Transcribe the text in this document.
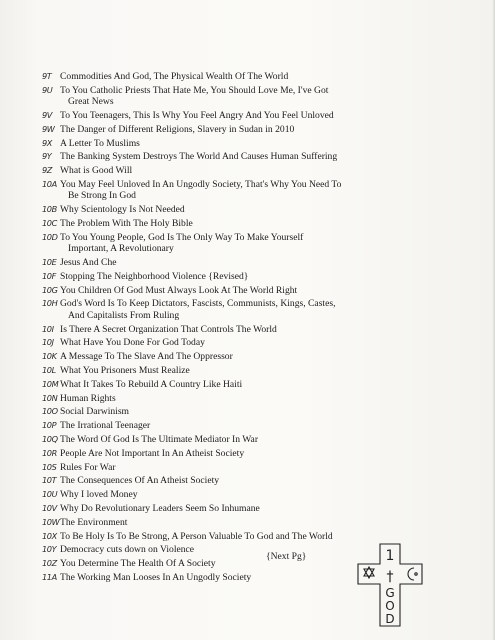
9T Commodities And God, The Physical Wealth Of The World
9U To You Catholic Priests That Hate Me, You Should Love Me, I've Got
Great News
9V To You Teenagers, This Is Why You Feel Angry And You Feel Unloved
9W The Danger of Different Religions, Slavery in Sudan in 2010
9X A Letter To Muslims
9Y The Banking System Destroys The World And Causes Human Suffering
9Z What is Good Will
10A You May Feel Unloved In An Ungodly Society, That's Why You Need To
Be Strong In God
10B Why Scientology Is Not Needed
10C The Problem With The Holy Bible
10D To You Young People, God Is The Only Way To Make Yourself
Important, A Revolutionary
10E Jesus And Che
10F Stopping The Neighborhood Violence {Revised}
10G You Children Of God Must Always Look At The World Right
10H God's Word Is To Keep Dictators, Fascists, Communists, Kings, Castes,
And Capitalists From Ruling
10I Is There A Secret Organization That Controls The World
10J What Have You Done For God Today
10K A Message To The Slave And The Oppressor
10L What You Prisoners Must Realize
10M What It Takes To Rebuild A Country Like Haiti
10N Human Rights
10O Social Darwinism
10P The Irrational Teenager
10Q The Word Of God Is The Ultimate Mediator In War
10R People Are Not Important In An Atheist Society
10S Rules For War
10T The Consequences Of An Atheist Society
10U Why I loved Money
10V Why Do Revolutionary Leaders Seem So Inhumane
10W The Environment
10X To Be Holy Is To Be Strong, A Person Valuable To God and The World
10Y Democracy cuts down on Violence
10Z You Determine The Health Of A Society
11A The Working Man Looses In An Ungodly Society
{Next Pg}	1
†
G
O
D
